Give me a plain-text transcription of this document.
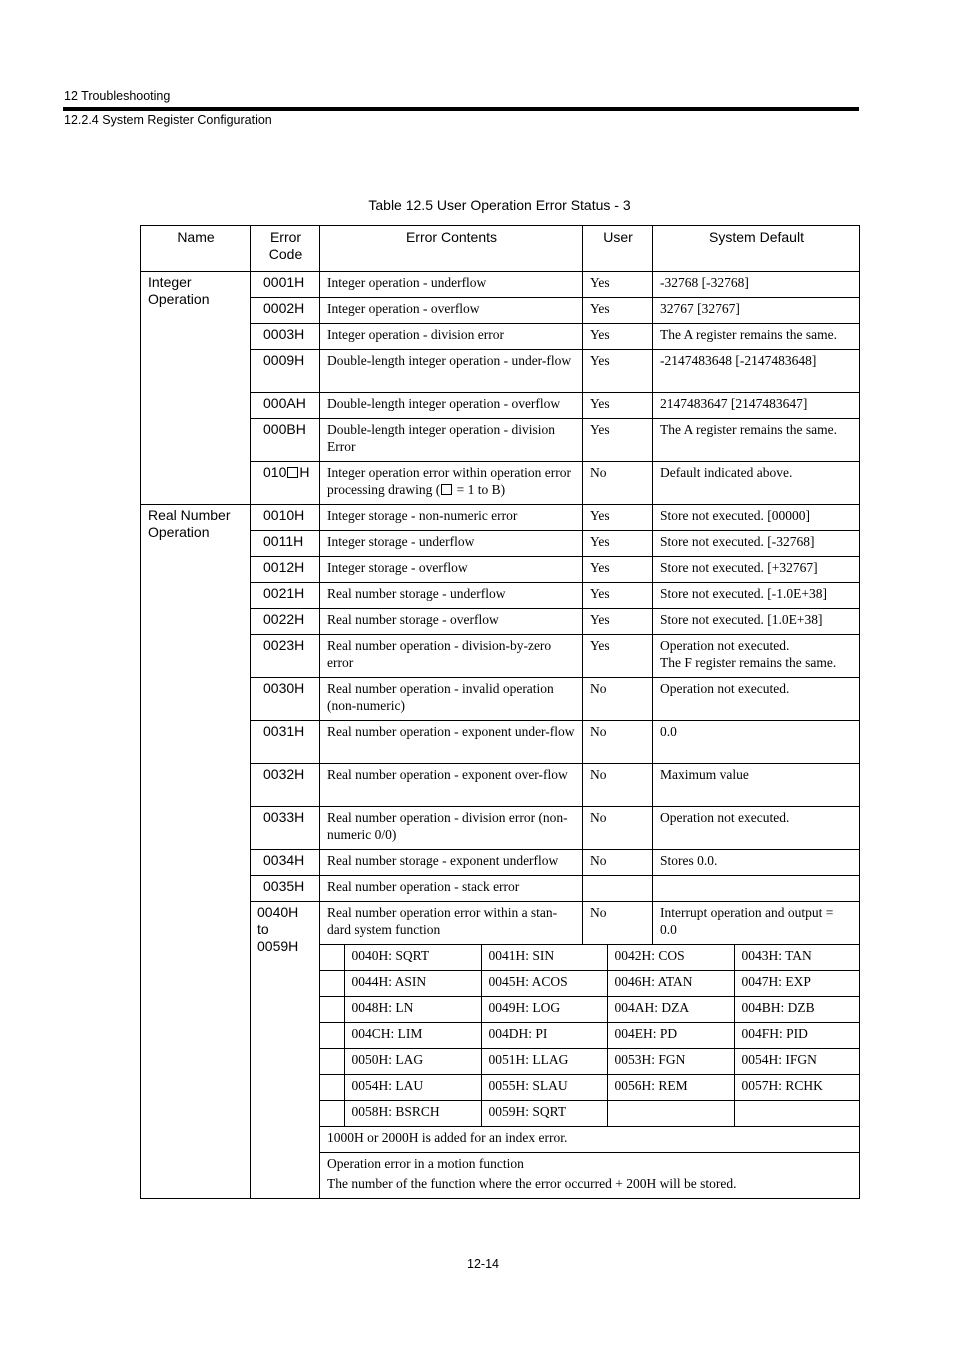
12 Troubleshooting
12.2.4 System Register Configuration
Table 12.5 User Operation Error Status - 3
Name	Error Code	Error Contents	User	System Default
Integer Operation	0001H	Integer operation - underflow	Yes	-32768 [-32768]
0002H	Integer operation - overflow	Yes	32767 [32767]
0003H	Integer operation - division error	Yes	The A register remains the same.
0009H	Double-length integer operation - under-flow	Yes	-2147483648 [-2147483648]
000AH	Double-length integer operation - overflow	Yes	2147483647 [2147483647]
000BH	Double-length integer operation - division Error	Yes	The A register remains the same.
010 H	Integer operation error within operation error processing drawing ( = 1 to B)	No	Default indicated above.
Real Number Operation	0010H	Integer storage - non-numeric error	Yes	Store not executed. [00000]
0011H	Integer storage - underflow	Yes	Store not executed. [-32768]
0012H	Integer storage - overflow	Yes	Store not executed. [+32767]
0021H	Real number storage - underflow	Yes	Store not executed. [-1.0E+38]
0022H	Real number storage - overflow	Yes	Store not executed. [1.0E+38]
0023H	Real number operation - division-by-zero error	Yes	Operation not executed.
The F register remains the same.

0030H	Real number operation - invalid operation (non-numeric)	No	Operation not executed.
0031H	Real number operation - exponent under-flow	No	0.0
0032H	Real number operation - exponent over-flow	No	Maximum value
0033H	Real number operation - division error (non-numeric 0/0)	No	Operation not executed.
0034H	Real number storage - exponent underflow	No	Stores 0.0.
0035H	Real number operation - stack error		
0040H to 0059H	Real number operation error within a stan-dard system function	No	Interrupt operation and output = 0.0

	0040H: SQRT	0041H: SIN	0042H: COS	0043H: TAN

	0044H: ASIN	0045H: ACOS	0046H: ATAN	0047H: EXP

	0048H: LN	0049H: LOG	004AH: DZA	004BH: DZB

	004CH: LIM	004DH: PI	004EH: PD	004FH: PID

	0050H: LAG	0051H: LLAG	0053H: FGN	0054H: IFGN

	0054H: LAU	0055H: SLAU	0056H: REM	0057H: RCHK

	0058H: BSRCH	0059H: SQRT		

1000H or 2000H is added for an index error.

Operation error in a motion function
The number of the function where the error occurred + 200H will be stored.
12-14
